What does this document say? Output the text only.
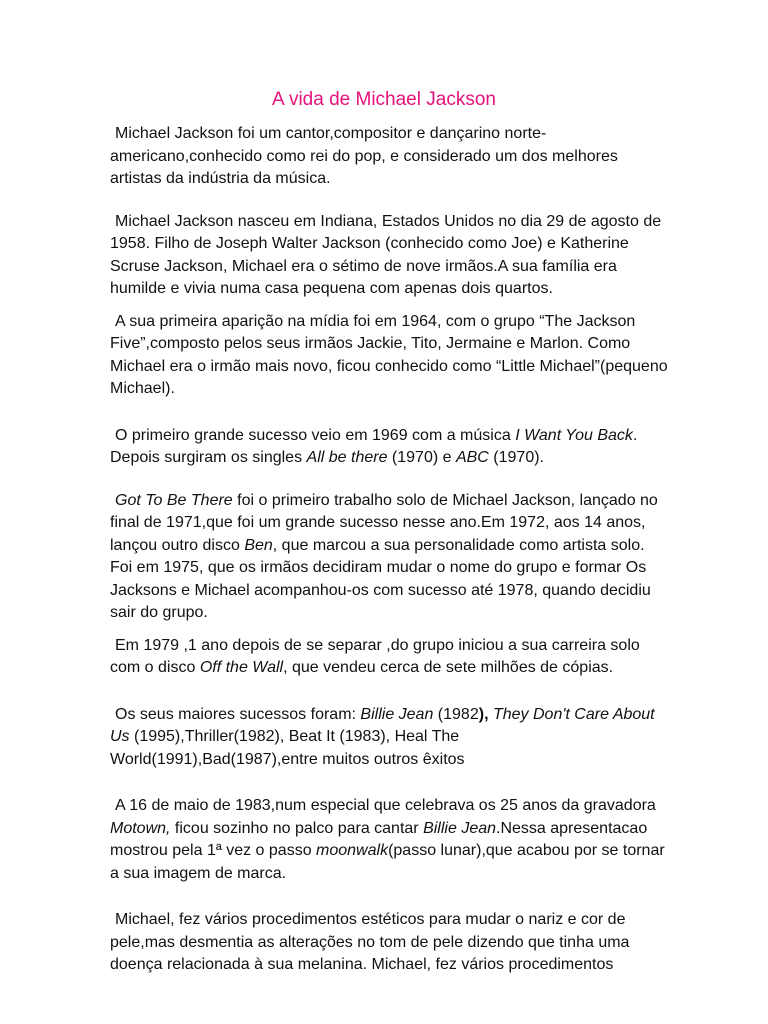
A vida de Michael Jackson

Michael Jackson foi um cantor,compositor e dançarino norte-americano,conhecido como rei do pop, e considerado um dos melhores artistas da indústria da música.

Michael Jackson nasceu em Indiana, Estados Unidos no dia 29 de agosto de 1958. Filho de Joseph Walter Jackson (conhecido como Joe) e Katherine Scruse Jackson, Michael era o sétimo de nove irmãos.A sua família era humilde e vivia numa casa pequena com apenas dois quartos.

A sua primeira aparição na mídia foi em 1964, com o grupo “The Jackson Five”,composto pelos seus irmãos Jackie, Tito, Jermaine e Marlon. Como Michael era o irmão mais novo, ficou conhecido como “Little Michael”(pequeno Michael).

O primeiro grande sucesso veio em 1969 com a música I Want You Back. Depois surgiram os singles All be there (1970) e ABC (1970).

Got To Be There foi o primeiro trabalho solo de Michael Jackson, lançado no final de 1971,que foi um grande sucesso nesse ano.Em 1972, aos 14 anos, lançou outro disco Ben, que marcou a sua personalidade como artista solo. Foi em 1975, que os irmãos decidiram mudar o nome do grupo e formar Os Jacksons e Michael acompanhou-os com sucesso até 1978, quando decidiu sair do grupo.

Em 1979 ,1 ano depois de se separar ,do grupo iniciou a sua carreira solo com o disco Off the Wall, que vendeu cerca de sete milhões de cópias.

Os seus maiores sucessos foram: Billie Jean (1982), They Don't Care About Us (1995),Thriller(1982), Beat It (1983), Heal The World(1991),Bad(1987),entre muitos outros êxitos

A 16 de maio de 1983,num especial que celebrava os 25 anos da gravadora Motown, ficou sozinho no palco para cantar Billie Jean.Nessa apresentacao mostrou pela 1ª vez o passo moonwalk(passo lunar),que acabou por se tornar a sua imagem de marca.

Michael, fez vários procedimentos estéticos para mudar o nariz e cor de pele,mas desmentia as alterações no tom de pele dizendo que tinha uma doença relacionada à sua melanina. Michael, fez vários procedimentos
